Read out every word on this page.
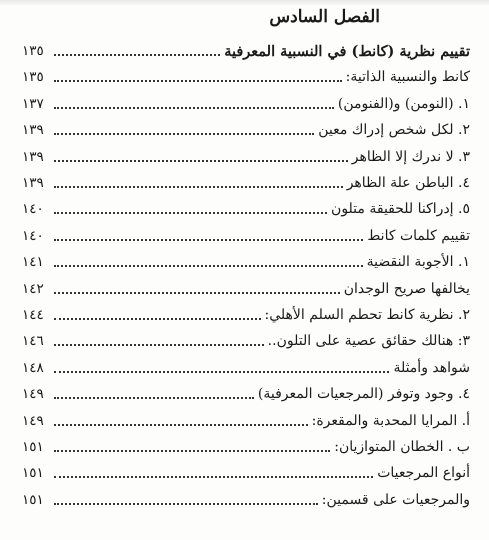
الفصل السادس
١٣٥	تقييم نظرية (كانط) في النسبية المعرفية
١٣٥	كانط والنسبية الذاتية:
١٣٧	١. (النومن) و(الفنومن)
١٣٩	٢. لكل شخص إدراك معين
١٣٩	٣. لا ندرك إلا الظاهر
١٣٩	٤. الباطن علة الظاهر
١٤٠	٥. إدراكنا للحقيقة متلون
١٤٠	تقييم كلمات كانط
١٤١	١. الأجوبة النقضية
١٤٢	يخالفها صريح الوجدان
١٤٤	٢. نظرية كانط تحطم السلم الأهلي:
١٤٦	٣: هنالك حقائق عصية على التلون..
١٤٨	شواهد وأمثلة
١٤٩	٤. وجود وتوفر (المرجعيات المعرفية)
١٤٩	أ. المرايا المحدبة والمقعرة:
١٥١	ب . الخطان المتوازيان:
١٥١	أنواع المرجعيات
١٥١	والمرجعيات على قسمين:
